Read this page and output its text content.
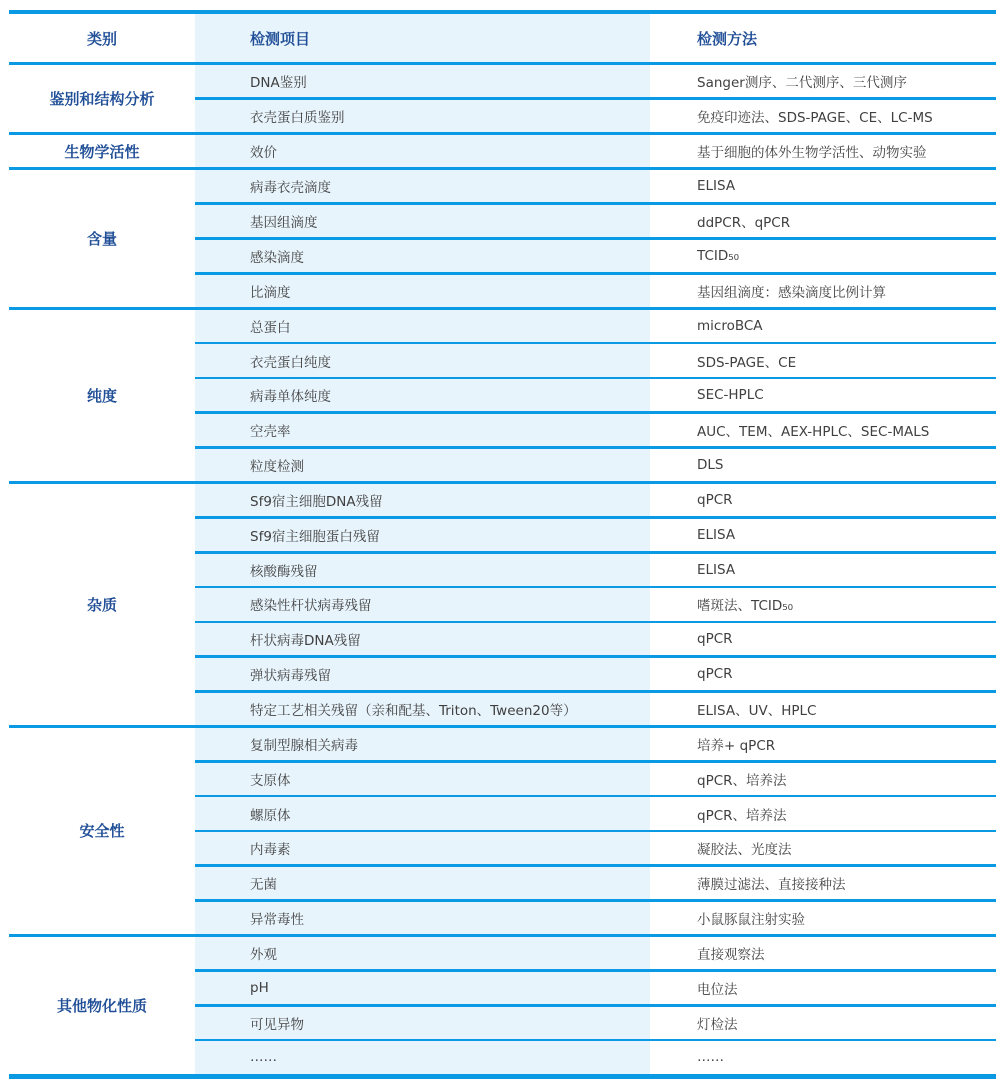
类别	检测项目	检测方法
鉴别和结构分析
DNA鉴别	Sanger测序、二代测序、三代测序
衣壳蛋白质鉴别	免疫印迹法、SDS-PAGE、CE、LC-MS
生物学活性	效价	基于细胞的体外生物学活性、动物实验
含量
病毒衣壳滴度	ELISA
基因组滴度	ddPCR、qPCR
感染滴度	TCID₅₀
比滴度	基因组滴度：感染滴度比例计算
纯度
总蛋白	microBCA
衣壳蛋白纯度	SDS-PAGE、CE
病毒单体纯度	SEC-HPLC
空壳率	AUC、TEM、AEX-HPLC、SEC-MALS
粒度检测	DLS
杂质
Sf9宿主细胞DNA残留	qPCR
Sf9宿主细胞蛋白残留	ELISA
核酸酶残留	ELISA
感染性杆状病毒残留	嗜斑法、TCID₅₀
杆状病毒DNA残留	qPCR
弹状病毒残留	qPCR
特定工艺相关残留（亲和配基、Triton、Tween20等）	ELISA、UV、HPLC
安全性
复制型腺相关病毒	培养+ qPCR
支原体	qPCR、培养法
螺原体	qPCR、培养法
内毒素	凝胶法、光度法
无菌	薄膜过滤法、直接接种法
异常毒性	小鼠豚鼠注射实验
其他物化性质
外观	直接观察法
pH	电位法
可见异物	灯检法
……	……
